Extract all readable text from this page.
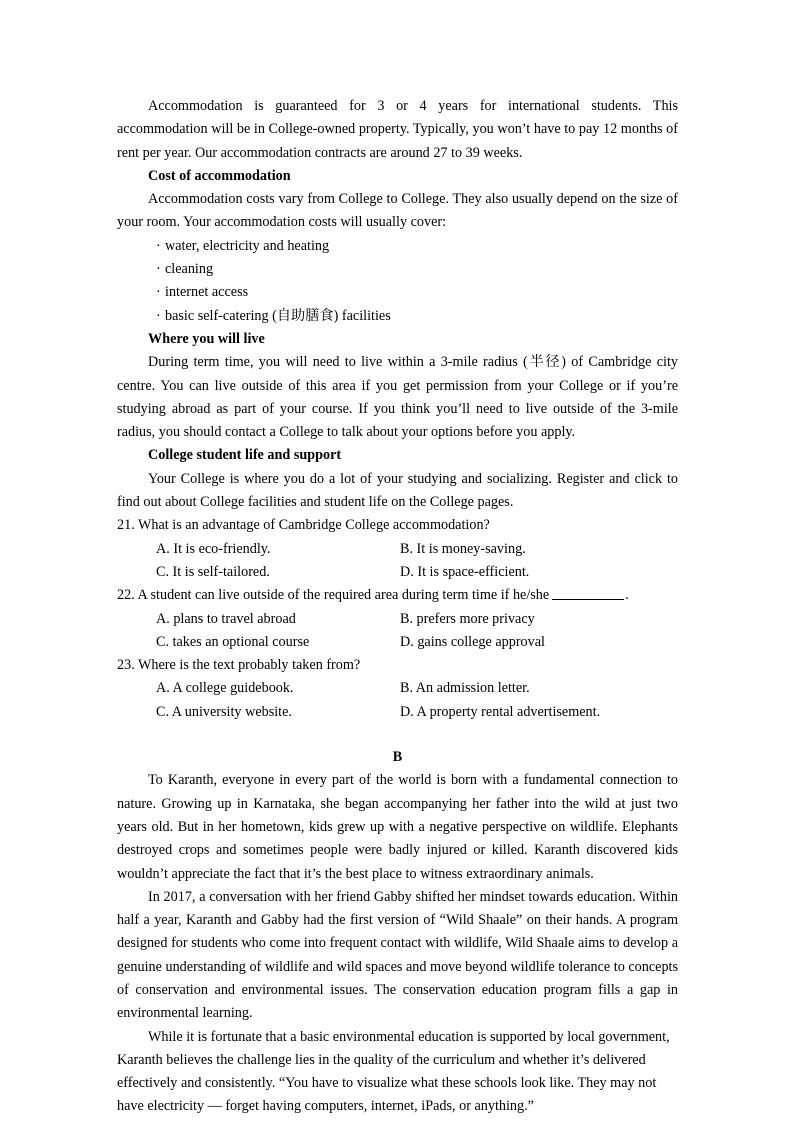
Accommodation is guaranteed for 3 or 4 years for international students. This accommodation will be in College-owned property. Typically, you won’t have to pay 12 months of rent per year. Our accommodation contracts are around 27 to 39 weeks.

Cost of accommodation

Accommodation costs vary from College to College. They also usually depend on the size of your room. Your accommodation costs will usually cover:

· water, electricity and heating
· cleaning
· internet access
· basic self-catering (自助膳食) facilities
Where you will live

During term time, you will need to live within a 3-mile radius (半径) of Cambridge city centre. You can live outside of this area if you get permission from your College or if you’re studying abroad as part of your course. If you think you’ll need to live outside of the 3-mile radius, you should contact a College to talk about your options before you apply.

College student life and support

Your College is where you do a lot of your studying and socializing. Register and click to find out about College facilities and student life on the College pages.

21. What is an advantage of Cambridge College accommodation?
A. It is eco-friendly.	B. It is money-saving.
C. It is self-tailored.	D. It is space-efficient.
22. A student can live outside of the required area during term time if he/she	.
A. plans to travel abroad	B. prefers more privacy
C. takes an optional course	D. gains college approval
23. Where is the text probably taken from?
A. A college guidebook.	B. An admission letter.
C. A university website.	D. A property rental advertisement.
B

To Karanth, everyone in every part of the world is born with a fundamental connection to nature. Growing up in Karnataka, she began accompanying her father into the wild at just two years old. But in her hometown, kids grew up with a negative perspective on wildlife. Elephants destroyed crops and sometimes people were badly injured or killed. Karanth discovered kids wouldn’t appreciate the fact that it’s the best place to witness extraordinary animals.

In 2017, a conversation with her friend Gabby shifted her mindset towards education. Within half a year, Karanth and Gabby had the first version of “Wild Shaale” on their hands. A program designed for students who come into frequent contact with wildlife, Wild Shaale aims to develop a genuine understanding of wildlife and wild spaces and move beyond wildlife tolerance to concepts of conservation and environmental issues. The conservation education program fills a gap in environmental learning.

While it is fortunate that a basic environmental education is supported by local government, Karanth believes the challenge lies in the quality of the curriculum and whether it’s delivered effectively and consistently. “You have to visualize what these schools look like. They may not have electricity — forget having computers, internet, iPads, or anything.”
